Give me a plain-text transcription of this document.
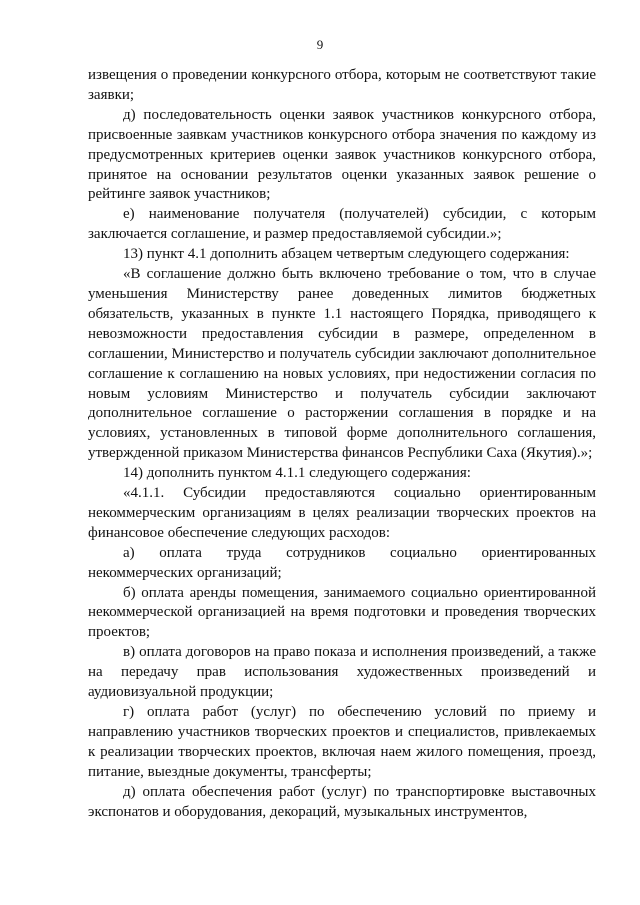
9

извещения о проведении конкурсного отбора, которым не соответствуют такие заявки;

д) последовательность оценки заявок участников конкурсного отбора, присвоенные заявкам участников конкурсного отбора значения по каждому из предусмотренных критериев оценки заявок участников конкурсного отбора, принятое на основании результатов оценки указанных заявок решение о рейтинге заявок участников;

е) наименование получателя (получателей) субсидии, с которым заключается соглашение, и размер предоставляемой субсидии.»;

13) пункт 4.1 дополнить абзацем четвертым следующего содержания:

«В соглашение должно быть включено требование о том, что в случае уменьшения Министерству ранее доведенных лимитов бюджетных обязательств, указанных в пункте 1.1 настоящего Порядка, приводящего к невозможности предоставления субсидии в размере, определенном в соглашении, Министерство и получатель субсидии заключают дополнительное соглашение к соглашению на новых условиях, при недостижении согласия по новым условиям Министерство и получатель субсидии заключают дополнительное соглашение о расторжении соглашения в порядке и на условиях, установленных в типовой форме дополнительного соглашения, утвержденной приказом Министерства финансов Республики Саха (Якутия).»;

14) дополнить пунктом 4.1.1 следующего содержания:

«4.1.1. Субсидии предоставляются социально ориентированным некоммерческим организациям в целях реализации творческих проектов на финансовое обеспечение следующих расходов:

а) оплата труда сотрудников социально ориентированных некоммерческих организаций;

б) оплата аренды помещения, занимаемого социально ориентированной некоммерческой организацией на время подготовки и проведения творческих проектов;

в) оплата договоров на право показа и исполнения произведений, а также на передачу прав использования художественных произведений и аудиовизуальной продукции;

г) оплата работ (услуг) по обеспечению условий по приему и направлению участников творческих проектов и специалистов, привлекаемых к реализации творческих проектов, включая наем жилого помещения, проезд, питание, выездные документы, трансферты;

д) оплата обеспечения работ (услуг) по транспортировке выставочных экспонатов и оборудования, декораций, музыкальных инструментов,
